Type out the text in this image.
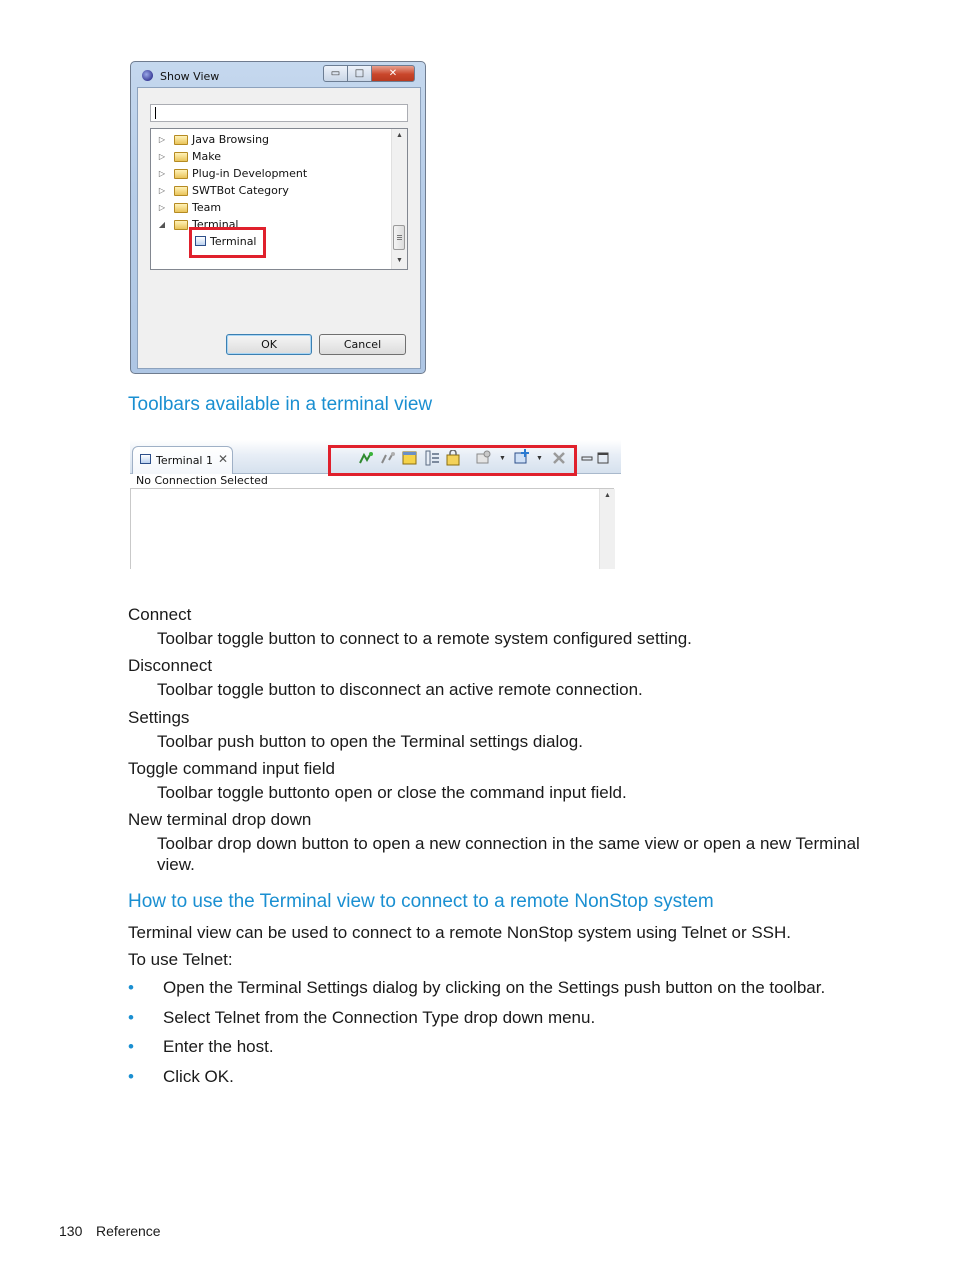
Show View	▭	□	✕
▷ Java Browsing
▷ Make
▷ Plug-in Development
▷ SWTBot Category
▷ Team
◢ Terminal
Terminal
▲
▼
OK	Cancel
Toolbars available in a terminal view
Terminal 1 ✕	▼	▼
No Connection Selected
▲
Connect
Toolbar toggle button to connect to a remote system configured setting.
Disconnect
Toolbar toggle button to disconnect an active remote connection.
Settings
Toolbar push button to open the Terminal settings dialog.
Toggle command input field
Toolbar toggle buttonto open or close the command input field.
New terminal drop down
Toolbar drop down button to open a new connection in the same view or open a new Terminal
view.
How to use the Terminal view to connect to a remote NonStop system
Terminal view can be used to connect to a remote NonStop system using Telnet or SSH.
To use Telnet:
• Open the Terminal Settings dialog by clicking on the Settings push button on the toolbar.
• Select Telnet from the Connection Type drop down menu.
• Enter the host.
• Click OK.
130 Reference
